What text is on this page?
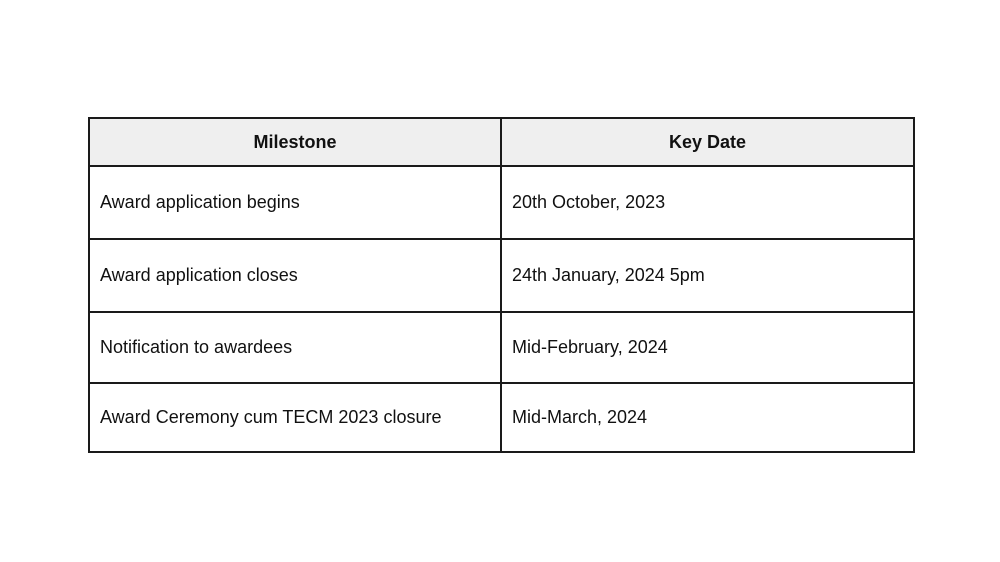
Milestone	Key Date
Award application begins	20th October, 2023
Award application closes	24th January, 2024 5pm
Notification to awardees	Mid-February, 2024
Award Ceremony cum TECM 2023 closure	Mid-March, 2024
